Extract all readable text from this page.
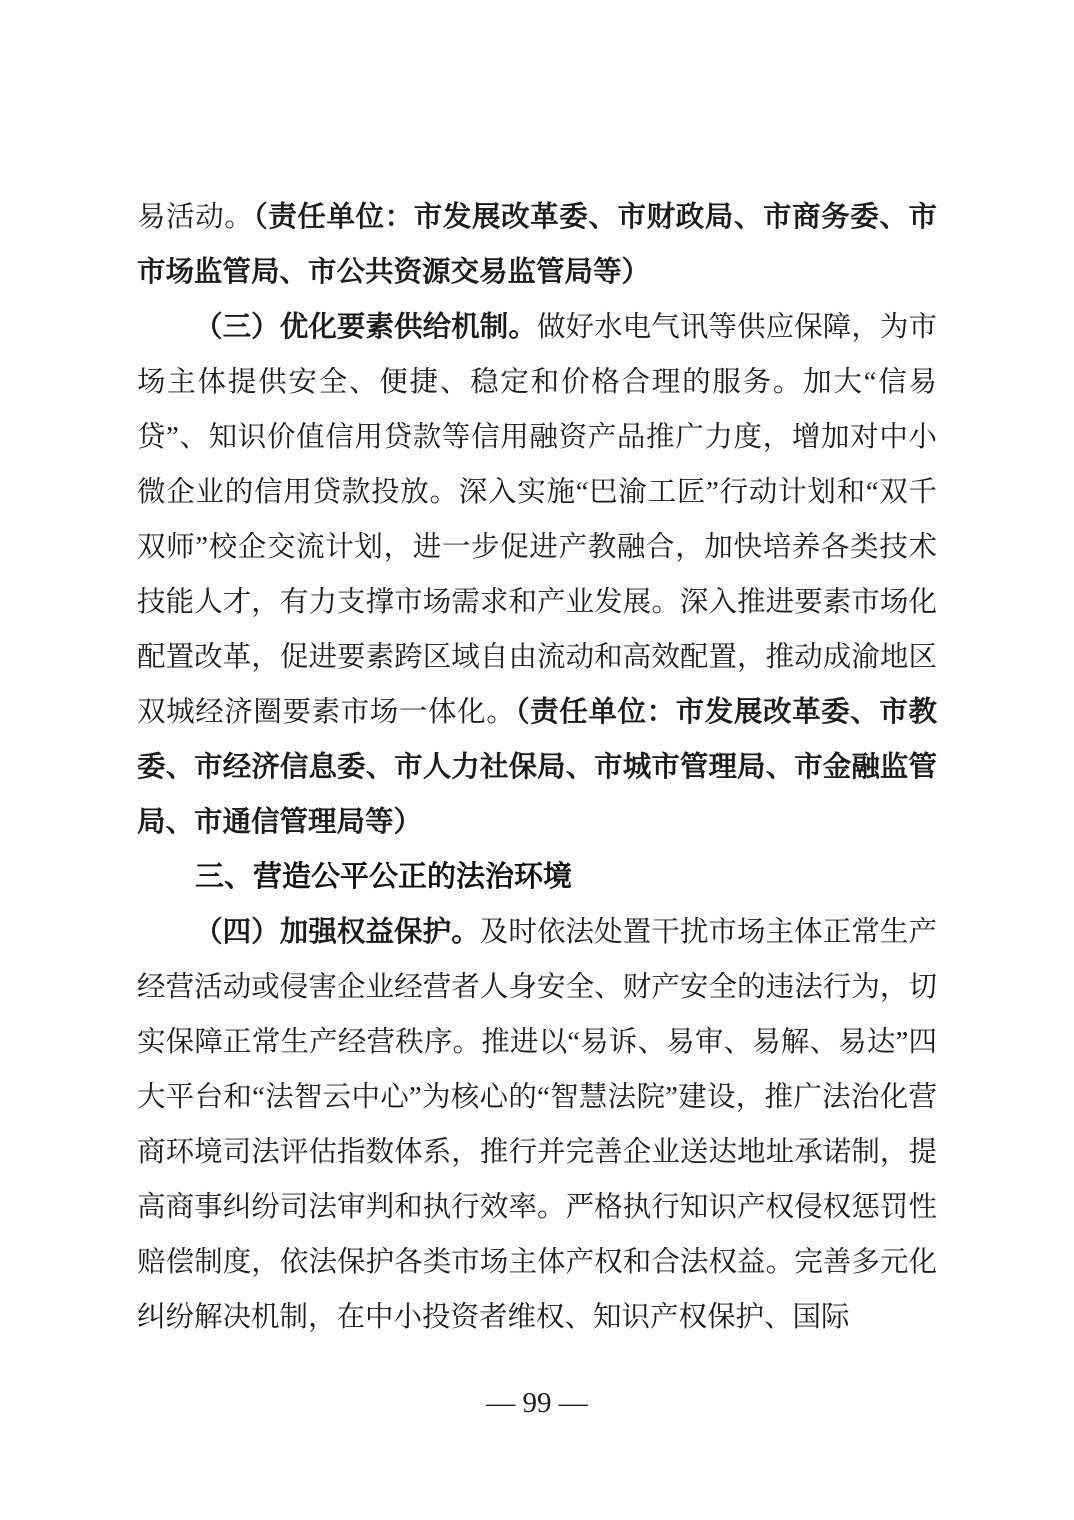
易活动。（责任单位：市发展改革委、市财政局、市商务委、市市场监管局、市公共资源交易监管局等）

（三）优化要素供给机制。做好水电气讯等供应保障，为市场主体提供安全、便捷、稳定和价格合理的服务。加大“信易贷”、知识价值信用贷款等信用融资产品推广力度，增加对中小微企业的信用贷款投放。深入实施“巴渝工匠”行动计划和“双千双师”校企交流计划，进一步促进产教融合，加快培养各类技术技能人才，有力支撑市场需求和产业发展。深入推进要素市场化配置改革，促进要素跨区域自由流动和高效配置，推动成渝地区双城经济圈要素市场一体化。（责任单位：市发展改革委、市教委、市经济信息委、市人力社保局、市城市管理局、市金融监管局、市通信管理局等）

三、营造公平公正的法治环境

（四）加强权益保护。及时依法处置干扰市场主体正常生产经营活动或侵害企业经营者人身安全、财产安全的违法行为，切实保障正常生产经营秩序。推进以“易诉、易审、易解、易达”四大平台和“法智云中心”为核心的“智慧法院”建设，推广法治化营商环境司法评估指数体系，推行并完善企业送达地址承诺制，提高商事纠纷司法审判和执行效率。严格执行知识产权侵权惩罚性赔偿制度，依法保护各类市场主体产权和合法权益。完善多元化纠纷解决机制，在中小投资者维权、知识产权保护、国际

— 99 —
